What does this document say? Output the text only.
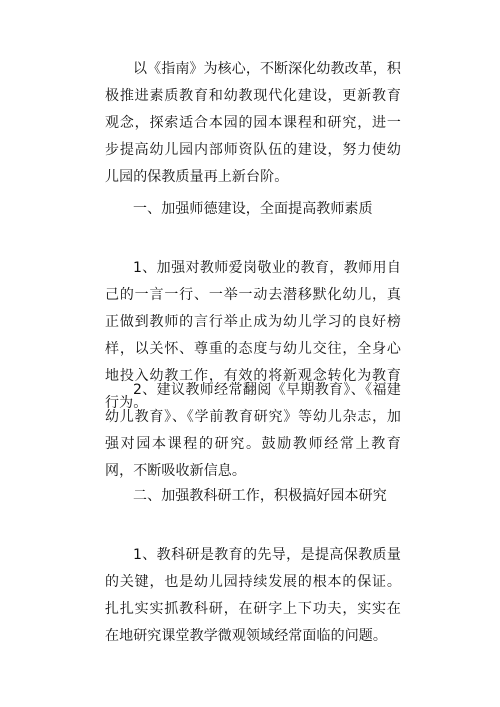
以《指南》为核心，不断深化幼教改革，积极推进素质教育和幼教现代化建设，更新教育观念，探索适合本园的园本课程和研究，进一步提高幼儿园内部师资队伍的建设，努力使幼儿园的保教质量再上新台阶。

一、加强师德建设，全面提高教师素质

1、加强对教师爱岗敬业的教育，教师用自己的一言一行、一举一动去潜移默化幼儿，真正做到教师的言行举止成为幼儿学习的良好榜样，以关怀、尊重的态度与幼儿交往，全身心地投入幼教工作，有效的将新观念转化为教育行为。

2、建议教师经常翻阅《早期教育》、《福建幼儿教育》、《学前教育研究》等幼儿杂志，加强对园本课程的研究。鼓励教师经常上教育网，不断吸收新信息。

二、加强教科研工作，积极搞好园本研究

1、教科研是教育的先导，是提高保教质量的关键，也是幼儿园持续发展的根本的保证。扎扎实实抓教科研，在研字上下功夫，实实在在地研究课堂教学微观领域经常面临的问题。
